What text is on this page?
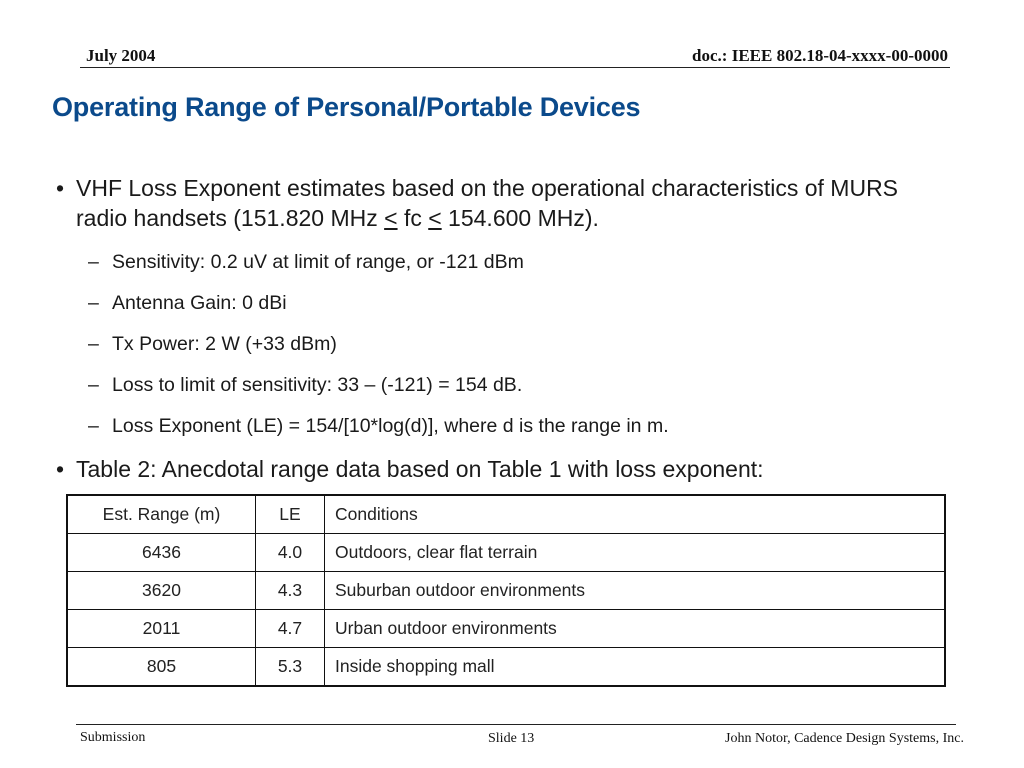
July 2004	doc.: IEEE 802.18-04-xxxx-00-0000
Operating Range of Personal/Portable Devices
• VHF Loss Exponent estimates based on the operational characteristics of MURS radio handsets (151.820 MHz < fc < 154.600 MHz).
– Sensitivity: 0.2 uV at limit of range, or -121 dBm
– Antenna Gain: 0 dBi
– Tx Power: 2 W (+33 dBm)
– Loss to limit of sensitivity: 33 – (-121) = 154 dB.
– Loss Exponent (LE) = 154/[10*log(d)], where d is the range in m.
• Table 2: Anecdotal range data based on Table 1 with loss exponent:
Est. Range (m)	LE	Conditions
6436	4.0	Outdoors, clear flat terrain
3620	4.3	Suburban outdoor environments
2011	4.7	Urban outdoor environments
805	5.3	Inside shopping mall
Submission	Slide 13	John Notor, Cadence Design Systems, Inc.
